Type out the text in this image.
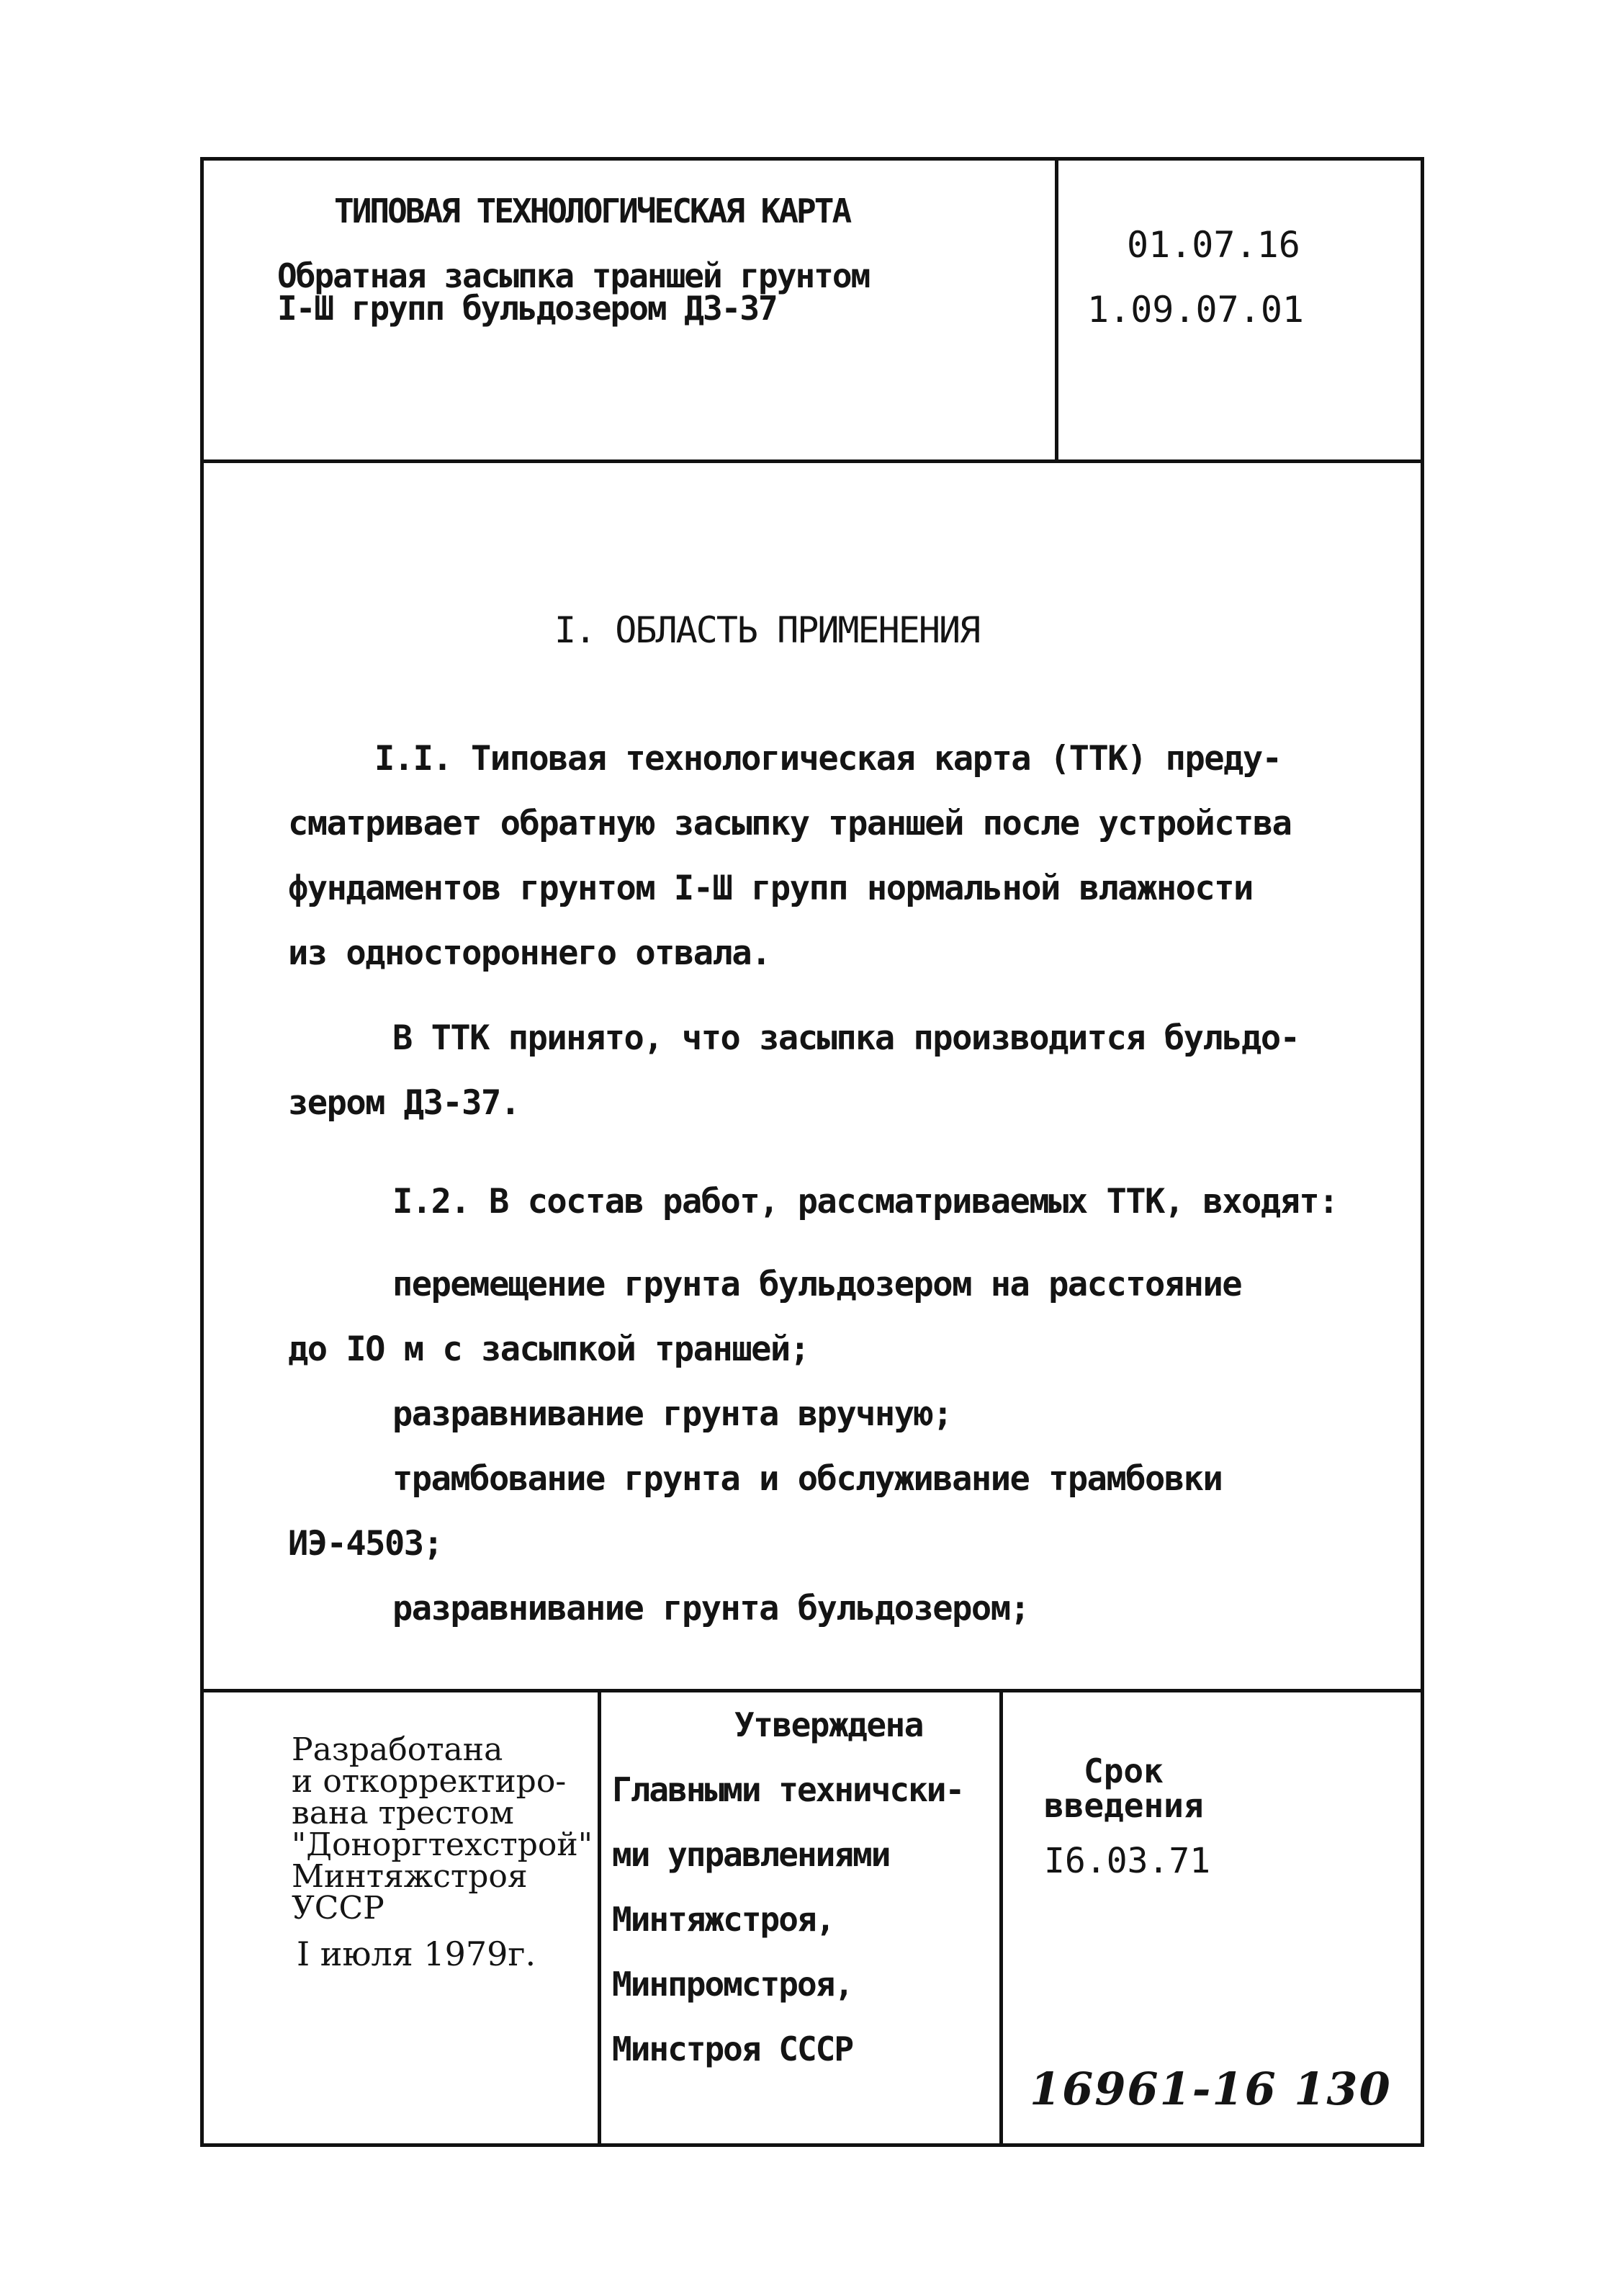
ТИПОВАЯ ТЕХНОЛОГИЧЕСКАЯ КАРТА
Обратная засыпка траншей грунтом
I-Ш групп бульдозером ДЗ-37
01.07.16
1.09.07.01
I. ОБЛАСТЬ ПРИМЕНЕНИЯ
I.I. Типовая технологическая карта (ТТК) преду-
сматривает обратную засыпку траншей после устройства
фундаментов грунтом I-Ш групп нормальной влажности
из одностороннего отвала.
В ТТК принято, что засыпка производится бульдо-
зером ДЗ-37.
I.2. В состав работ, рассматриваемых ТТК, входят:
перемещение грунта бульдозером на расстояние
до IO м с засыпкой траншей;
разравнивание грунта вручную;
трамбование грунта и обслуживание трамбовки
ИЭ-4503;
разравнивание грунта бульдозером;
Разработана
и откорректиро-
вана трестом
"Доноргтехстрой"
Минтяжстроя
УССР
I июля 1979г.
Утверждена
Главными техничски-
ми управлениями
Минтяжстроя,
Минпромстроя,
Минстроя СССР
Срок
введения
I6.03.71
16961-16 130
